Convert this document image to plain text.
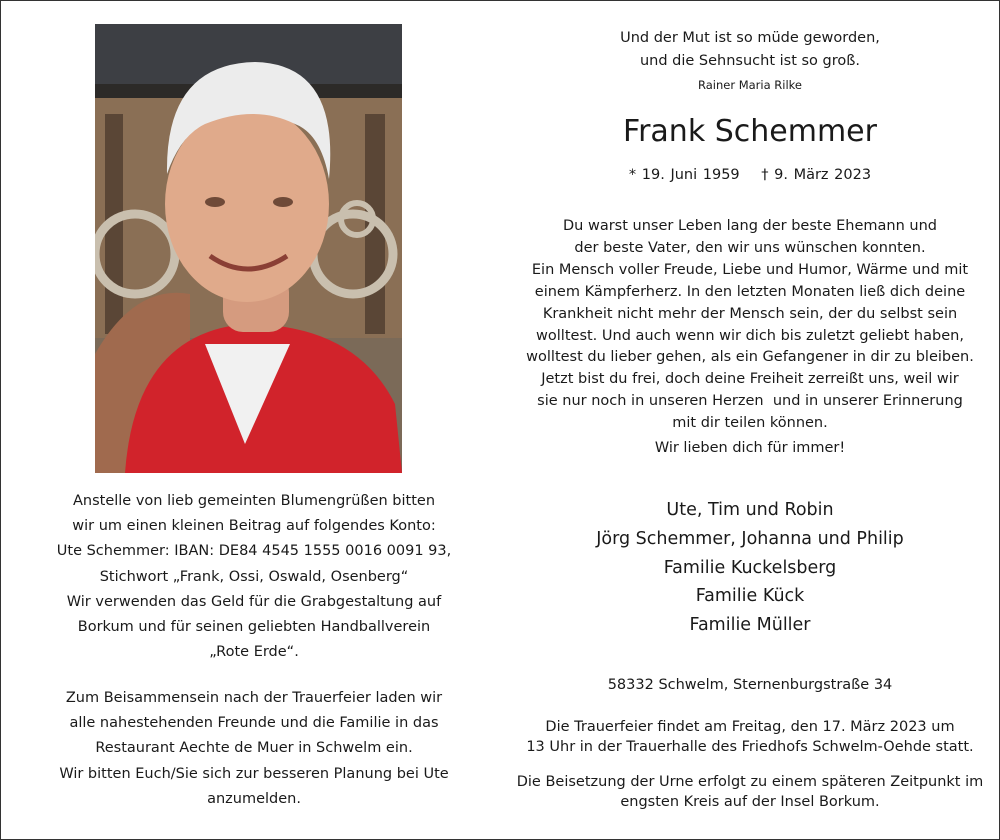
Anstelle von lieb gemeinten Blumengrüßen bitten
wir um einen kleinen Beitrag auf folgendes Konto:
Ute Schemmer: IBAN: DE84 4545 1555 0016 0091 93,
Stichwort „Frank, Ossi, Oswald, Osenberg“
Wir verwenden das Geld für die Grabgestaltung auf
Borkum und für seinen geliebten Handballverein
„Rote Erde“.
Zum Beisammensein nach der Trauerfeier laden wir
alle nahestehenden Freunde und die Familie in das
Restaurant Aechte de Muer in Schwelm ein.
Wir bitten Euch/Sie sich zur besseren Planung bei Ute
anzumelden.
Und der Mut ist so müde geworden,
und die Sehnsucht ist so groß.
Rainer Maria Rilke
Frank Schemmer
* 19. Juni 1959 † 9. März 2023
Du warst unser Leben lang der beste Ehemann und
der beste Vater, den wir uns wünschen konnten.
Ein Mensch voller Freude, Liebe und Humor, Wärme und mit
einem Kämpferherz. In den letzten Monaten ließ dich deine
Krankheit nicht mehr der Mensch sein, der du selbst sein
wolltest. Und auch wenn wir dich bis zuletzt geliebt haben,
wolltest du lieber gehen, als ein Gefangener in dir zu bleiben.
Jetzt bist du frei, doch deine Freiheit zerreißt uns, weil wir
sie nur noch in unseren Herzen  und in unserer Erinnerung
mit dir teilen können.
Wir lieben dich für immer!
Ute, Tim und Robin
Jörg Schemmer, Johanna und Philip
Familie Kuckelsberg
Familie Kück
Familie Müller
58332 Schwelm, Sternenburgstraße 34
Die Trauerfeier findet am Freitag, den 17. März 2023 um
13 Uhr in der Trauerhalle des Friedhofs Schwelm-Oehde statt.
Die Beisetzung der Urne erfolgt zu einem späteren Zeitpunkt im
engsten Kreis auf der Insel Borkum.
